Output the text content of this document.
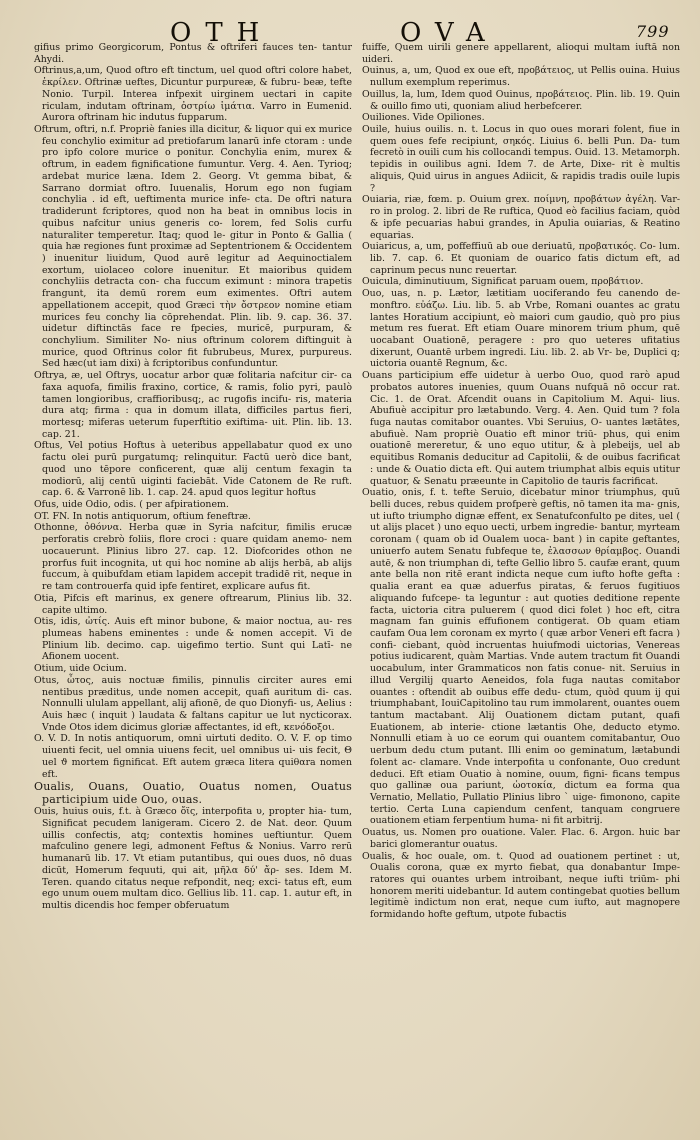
OTH	OVA	799

gifius primo Georgicorum, Pontus & oftriferi fauces ten- tantur Ahydi.

Oftrinus,a,um, Quod oftro eft tinctum, uel quod oftri colore habet, ἐκρίλεν. Oftrinæ ueftes, Dicuntur purpureæ, & fubru- beæ, tefte Nonio. Turpil. Interea infpexit uirginem uectari in capite riculam, indutam oftrinam, ὀστρίω ἱμάτια. Varro in Eumenid. Aurora oftrinam hic indutus fupparum.

Oftrum, oftri, n.f. Propriè fanies illa dicitur, & liquor qui ex murice feu conchylio eximitur ad pretiofarum lanarū infe ctoram : unde pro ipfo colore murice o ponitur. Conchylia enim, murex & oftrum, in eadem fignificatione fumuntur. Verg. 4. Aen. Tyrioq; ardebat murice læna. Idem 2. Georg. Vt gemma bibat, & Sarrano dormiat oftro. Iuuenalis, Horum ego non fugiam conchylia . id eft, ueftimenta murice infe- cta. De oftri natura tradiderunt fcriptores, quod non ha beat in omnibus locis in quibus nafcitur unius generis co- lorem, fed Solis curfu naturaliter temperetur. Itaq; quod le- gitur in Ponto & Gallia ( quia hæ regiones funt proximæ ad Septentrionem & Occidentem ) inuenitur liuidum, Quod aurē legitur ad Aequinoctialem exortum, uiolaceo colore inuenitur. Et maioribus quidem conchyliis detracta con- cha fuccum eximunt : minora trapetis frangunt, ita demū rorem eum eximentes. Oftri autem appellationem accepit, quod Græci τὴν ὄστρεον nomine etiam murices feu conchy lia cōprehendat. Plin. lib. 9. cap. 36. 37. uidetur diftinctās face re fpecies, muricē, purpuram, & conchylium. Similiter No- nius oftrinum colorem diftinguit à murice, quod Oftrinus color fit fubrubeus, Murex, purpureus. Sed hæc(ut iam dixi) à fcriptoribus confunduntur.

Oftrya, æ, uel Oftrys, uocatur arbor quæ folitaria nafcitur cir- ca faxa aquofa, fimilis fraxino, cortice, & ramis, folio pyri, paulò tamen longioribus, craffioribusq;, ac rugofis incifu- ris, materia dura atq; firma : qua in domum illata, difficiles partus fieri, mortesq; miferas ueterum fuperftitio exiftima- uit. Plin. lib. 13. cap. 21.

Oftus, Vel potius Hoftus à ueteribus appellabatur quod ex uno factu olei purū purgatumq; relinquitur. Factū uerò dice bant, quod uno tēpore conficerent, quæ alij centum fexagin ta modiorū, alij centū uiginti faciebāt. Vide Catonem de Re ruft. cap. 6. & Varronē lib. 1. cap. 24. apud quos legitur hoftus

Ofus, uide Odio, odis. ( per afpirationem.

OT. FN. In notis antiquorum, oftium feneftræ.

Othonne, ὀθόννα. Herba quæ in Syria nafcitur, fimilis erucæ perforatis crebrò foliis, flore croci : quare quidam anemo- nem uocauerunt. Plinius libro 27. cap. 12. Diofcorides othon ne prorfus fuit incognita, ut qui hoc nomine ab alijs herbā, ab alijs fuccum, à quibufdam etiam lapidem accepit tradidē rit, neque in re tam controuerfa quid ipfe fentiret, explicare aufus fit.

Otia, Pifcis eft marinus, ex genere oftrearum, Plinius lib. 32. capite ultimo.

Otis, idis, ὠτίς. Auis eft minor bubone, & maior noctua, au- res plumeas habens eminentes : unde & nomen accepit. Vi de Plinium lib. decimo. cap. uigefimo tertio. Sunt qui Latī- ne Afionem uocent.

Otium, uide Ocium.

Otus, ὦτος, auis noctuæ fimilis, pinnulis circiter aures emi nentibus præditus, unde nomen accepit, quafi auritum di- cas. Nonnulli ululam appellant, alij afionē, de quo Dionyfi- us, Aelius : Auis hæc ( inquit ) laudata & faltans capitur ue lut nycticorax. Vnde Otos idem dicimus gloriæ affectantes, id eft, κενόδοξοι.

O. V. D. In notis antiquorum, omni uirtuti dedito. O. V. F. op timo uiuenti fecit, uel omnia uiuens fecit, uel omnibus ui- uis fecit, Θ uel ϑ mortem fignificat. Eft autem græca litera quiθαra nomen eft.

Oualis, Ouans, Ouatio, Ouatus nomen, Ouatus participium uide Ouo, ouas.

Ouis, huius ouis, f.t. à Græco ὄϊς, interpofita υ, propter hia- tum, Significat pecudem lanigeram. Cicero 2. de Nat. deor. Quum uillis confectis, atq; contextis homines ueftiuntur. Quem mafculino genere legi, admonent Feftus & Nonius. Varro rerū humanarū lib. 17. Vt etiam putantibus, qui oues duos, nō duas dicūt, Homerum fequuti, qui ait, μῆλα δύ' ἄρ- ses. Idem M. Teren. quando citatus neque refpondit, neq; exci- tatus eft, eum ego unum ouem multam dico. Gellius lib. 11. cap. 1. autur eft, in multis dicendis hoc femper obferuatum

fuiffe, Quem uirili genere appellarent, alioqui multam iuftā non uideri.

Ouinus, a, um, Quod ex oue eft, προβάτειος, ut Pellis ouina. Huius nullum exemplum reperimus.

Ouillus, la, lum, Idem quod Ouinus, προβάτειος. Plin. lib. 19. Quin & ouillo fimo uti, quoniam aliud herbefcerer.

Ouiliones. Vide Opiliones.

Ouile, huius ouilis. n. t. Locus in quo oues morari folent, fiue in quem oues fefe recipiunt, σηκός. Liuius 6. belli Pun. Da- tum fecretò in ouili cum his collocandi tempus. Ouid. 13. Metamorph. tepidis in ouilibus agni. Idem 7. de Arte, Dixe- rit è multis aliquis, Quid uirus in angues Adiicit, & rapidis tradis ouile lupis ?

Ouiaria, riæ, fœm. p. Ouium grex. ποίμνη, προβάτων ἀγέλη. Var- ro in prolog. 2. libri de Re ruftica, Quod eò facilius faciam, quòd & ipfe pecuarias habui grandes, in Apulia ouiarias, & Reatino equarias.

Ouiaricus, a, um, poffeffiuū ab oue deriuatū, προβατικός. Co- lum. lib. 7. cap. 6. Et quoniam de ouarico fatis dictum eft, ad caprinum pecus nunc reuertar.

Ouicula, diminutiuum, Significat paruam ouem, προβάτιον.

Ouo, uas, n. p. Lætor, lætitiam uociferando feu canendo de- monftro. εὐάζω. Liu. lib. 5. ab Vrbe, Romani ouantes ac gratu lantes Horatium accipiunt, eò maiori cum gaudio, quò pro pius metum res fuerat. Eft etiam Ouare minorem trium phum, quē uocabant Ouationē, peragere : pro quo ueteres ufitatius dixerunt, Ouantē urbem ingredi. Liu. lib. 2. ab Vr- be, Duplici q; uictoria ouantē Regnum, &c.

Ouans participium effe uidetur à uerbo Ouo, quod rarò apud probatos autores inuenies, quum Ouans nufquā nō occur rat. Cic. 1. de Orat. Afcendit ouans in Capitolium M. Aqui- lius. Abufiuè accipitur pro lætabundo. Verg. 4. Aen. Quid tum ? fola fuga nautas comitabor ouantes. Vbi Seruius, O- uantes lætātes, abufiuè. Nam propriè Ouatio eft minor triū- phus, qui enim ouationē mereretur, & uno equo utitur, & à plebeijs, uel ab equitibus Romanis deducitur ad Capitolii, & de ouibus facrificat : unde & Ouatio dicta eft. Qui autem triumphat albis equis utitur quatuor, & Senatu præeunte in Capitolio de tauris facrificat.

Ouatio, onis, f. t. tefte Seruio, dicebatur minor triumphus, quū belli duces, rebus quidem profperè geftis, nō tamen ita ma- gnis, ut iufto triumpho dignæ effent, ex Senatufconfulto pe dites, uel ( ut alijs placet ) uno equo uecti, urbem ingredie- bantur, myrteam coronam ( quam ob id Oualem uoca- bant ) in capite geftantes, uniuerfo autem Senatu fubfeque te, ἐλασσων θρίαμβος. Ouandi autē, & non triumphan di, tefte Gellio libro 5. caufæ erant, quum ante bella non ritē erant indicta neque cum iufto hofte gefta : qualia erant ea quæ aduerfus piratas, & feruos fugitiuos aliquando fufcepe- ta leguntur : aut quoties deditione repente facta, uictoria citra puluerem ( quod dici folet ) hoc eft, citra magnam fan guinis effufionem contigerat. Ob quam etiam caufam Oua lem coronam ex myrto ( quæ arbor Veneri eft facra ) confi- ciebant, quòd incruentas huiufmodi uictorias, Venereas potius iudicarent, quàm Martias. Vnde autem tractum fit Ouandi uocabulum, inter Grammaticos non fatis conue- nit. Seruius in illud Vergilij quarto Aeneidos, fola fuga nautas comitabor ouantes : oftendit ab ouibus effe dedu- ctum, quòd quum ij qui triumphabant, IouiCapitolino tau rum immolarent, ouantes ouem tantum mactabant. Alij Ouationem dictam putant, quafi Euationem, ab interie- ctione lætantis Ohe, deducto etymo. Nonnulli etiam à uo ce eorum qui ouantem comitabantur, Ouo uerbum dedu ctum putant. Illi enim oo geminatum, lætabundi folent ac- clamare. Vnde interpofita u confonante, Ouo credunt deduci. Eft etiam Ouatio à nomine, ouum, figni- ficans tempus quo gallinæ oua pariunt, ὠοτοκία, dictum ea forma qua Vernatio, Mellatio, Pullatio Plinius libro ` uige- fimonono, capite tertio. Certa Luna capiendum cenfent, tanquam congruere ouationem etiam ferpentium huma- ni fit arbitrij.

Ouatus, us. Nomen pro ouatione. Valer. Flac. 6. Argon. huic bar barici glomerantur ouatus.

Oualis, & hoc ouale, om. t. Quod ad ouationem pertinet : ut, Oualis corona, quæ ex myrto fiebat, qua donabantur Impe- ratores qui ouantes urbem introibant, neque iufti triūm- phi honorem meriti uidebantur. Id autem contingebat quoties bellum legitimè indictum non erat, neque cum iufto, aut magnopere formidando hofte geftum, utpote fubactis
